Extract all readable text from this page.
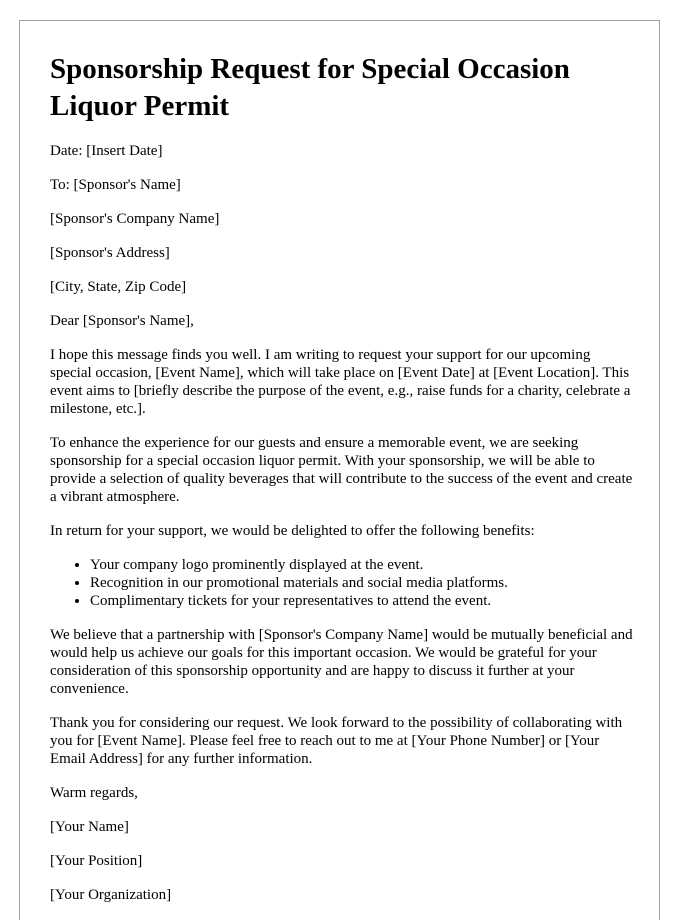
Sponsorship Request for Special Occasion Liquor Permit

Date: [Insert Date]

To: [Sponsor's Name]

[Sponsor's Company Name]

[Sponsor's Address]

[City, State, Zip Code]

Dear [Sponsor's Name],

I hope this message finds you well. I am writing to request your support for our upcoming special occasion, [Event Name], which will take place on [Event Date] at [Event Location]. This event aims to [briefly describe the purpose of the event, e.g., raise funds for a charity, celebrate a milestone, etc.].

To enhance the experience for our guests and ensure a memorable event, we are seeking sponsorship for a special occasion liquor permit. With your sponsorship, we will be able to provide a selection of quality beverages that will contribute to the success of the event and create a vibrant atmosphere.

In return for your support, we would be delighted to offer the following benefits:

• Your company logo prominently displayed at the event.
• Recognition in our promotional materials and social media platforms.
• Complimentary tickets for your representatives to attend the event.

We believe that a partnership with [Sponsor's Company Name] would be mutually beneficial and would help us achieve our goals for this important occasion. We would be grateful for your consideration of this sponsorship opportunity and are happy to discuss it further at your convenience.

Thank you for considering our request. We look forward to the possibility of collaborating with you for [Event Name]. Please feel free to reach out to me at [Your Phone Number] or [Your Email Address] for any further information.

Warm regards,

[Your Name]

[Your Position]

[Your Organization]
